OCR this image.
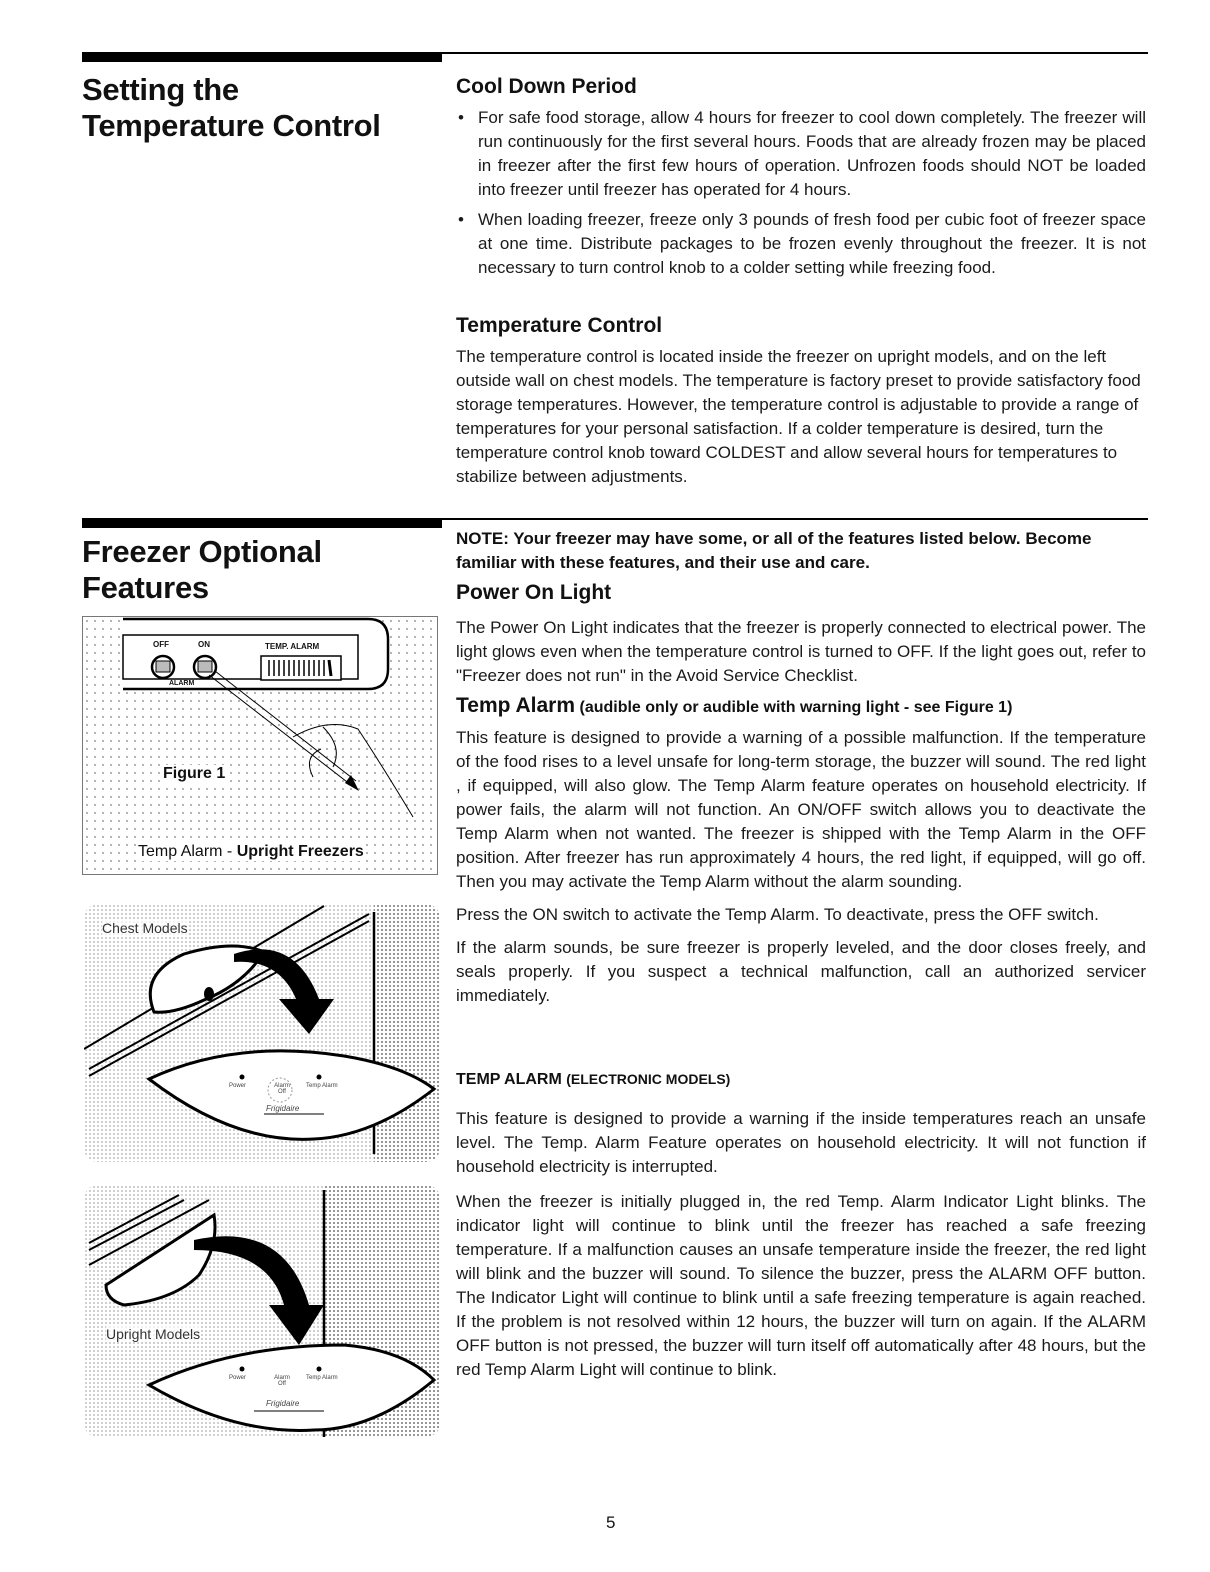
Setting the
Temperature Control
Cool Down Period
• For safe food storage, allow 4 hours for freezer to cool down completely. The freezer will run continuously for the first several hours. Foods that are already frozen may be placed in freezer after the first few hours of operation. Unfrozen foods should NOT be loaded into freezer until freezer has operated for 4 hours.
• When loading freezer, freeze only 3 pounds of fresh food per cubic foot of freezer space at one time. Distribute packages to be frozen evenly throughout the freezer. It is not necessary to turn control knob to a colder setting while freezing food.
Temperature Control
The temperature control is located inside the freezer on upright models, and on the left outside wall on chest models. The temperature is factory preset to provide satisfactory food storage temperatures. However, the temperature control is adjustable to provide a range of temperatures for your personal satisfaction. If a colder temperature is desired, turn the temperature control knob toward COLDEST and allow several hours for temperatures to stabilize between adjustments.
Freezer Optional
Features
NOTE: Your freezer may have some, or all of the features listed below. Become familiar with these features, and their use and care.
Power On Light
The Power On Light indicates that the freezer is properly connected to electrical power. The light glows even when the temperature control is turned to OFF. If the light goes out, refer to "Freezer does not run" in the Avoid Service Checklist.
Temp Alarm (audible only or audible with warning light - see Figure 1)
This feature is designed to provide a warning of a possible malfunction. If the temperature of the food rises to a level unsafe for long-term storage, the buzzer will sound. The red light , if equipped, will also glow. The Temp Alarm feature operates on household electricity. If power fails, the alarm will not function. An ON/OFF switch allows you to deactivate the Temp Alarm when not wanted. The freezer is shipped with the Temp Alarm in the OFF position. After freezer has run approximately 4 hours, the red light, if equipped, will go off. Then you may activate the Temp Alarm without the alarm sounding.
Press the ON switch to activate the Temp Alarm. To deactivate, press the OFF switch.
If the alarm sounds, be sure freezer is properly leveled, and the door closes freely, and seals properly. If you suspect a technical malfunction, call an authorized servicer immediately.
TEMP ALARM (ELECTRONIC MODELS)
This feature is designed to provide a warning if the inside temperatures reach an unsafe level. The Temp. Alarm Feature operates on household electricity. It will not function if household electricity is interrupted.
When the freezer is initially plugged in, the red Temp. Alarm Indicator Light blinks. The indicator light will continue to blink until the freezer has reached a safe freezing temperature. If a malfunction causes an unsafe temperature inside the freezer, the red light will blink and the buzzer will sound. To silence the buzzer, press the ALARM OFF button. The Indicator Light will continue to blink until a safe freezing temperature is again reached. If the problem is not resolved within 12 hours, the buzzer will turn on again. If the ALARM OFF button is not pressed, the buzzer will turn itself off automatically after 48 hours, but the red Temp Alarm Light will continue to blink.
OFF	ON
ALARM
TEMP. ALARM
Figure 1
Temp Alarm - Upright Freezers
Chest Models
Power	Alarm Off
Temp Alarm
Frigidaire
Upright Models
Power	Alarm Off
Temp Alarm
Frigidaire
5
